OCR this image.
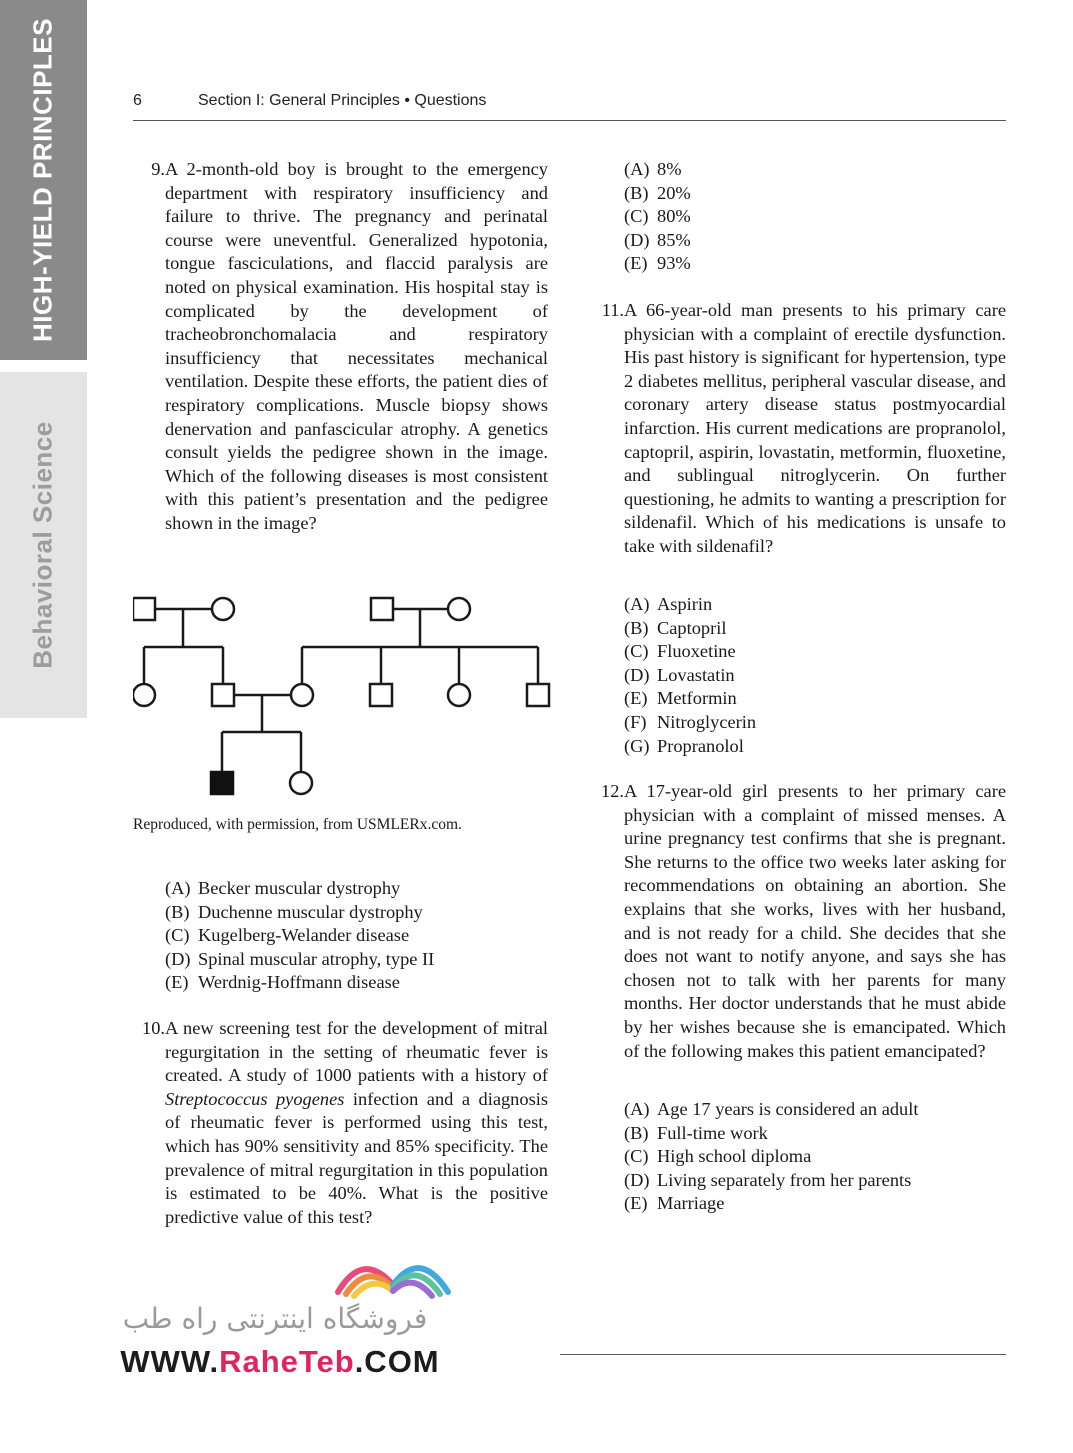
HIGH-YIELD PRINCIPLES
Behavioral Science
6	Section I: General Principles • Questions
9. A 2-month-old boy is brought to the emergency department with respiratory insufficiency and failure to thrive. The pregnancy and perinatal course were uneventful. Generalized hypotonia, tongue fasciculations, and flaccid paralysis are noted on physical examination. His hospital stay is complicated by the development of tracheobronchomalacia and respiratory insufficiency that necessitates mechanical ventilation. Despite these efforts, the patient dies of respiratory complications. Muscle biopsy shows denervation and panfascicular atrophy. A genetics consult yields the pedigree shown in the image. Which of the following diseases is most consistent with this patient’s presentation and the pedigree shown in the image?
Reproduced, with permission, from USMLERx.com.
(A) Becker muscular dystrophy
(B) Duchenne muscular dystrophy
(C) Kugelberg-Welander disease
(D) Spinal muscular atrophy, type II
(E) Werdnig-Hoffmann disease
10. A new screening test for the development of mitral regurgitation in the setting of rheumatic fever is created. A study of 1000 patients with a history of Streptococcus pyogenes infection and a diagnosis of rheumatic fever is performed using this test, which has 90% sensitivity and 85% specificity. The prevalence of mitral regurgitation in this population is estimated to be 40%. What is the positive predictive value of this test?
(A) 8%
(B) 20%
(C) 80%
(D) 85%
(E) 93%
11. A 66-year-old man presents to his primary care physician with a complaint of erectile dysfunction. His past history is significant for hypertension, type 2 diabetes mellitus, peripheral vascular disease, and coronary artery disease status postmyocardial infarction. His current medications are propranolol, captopril, aspirin, lovastatin, metformin, fluoxetine, and sublingual nitroglycerin. On further questioning, he admits to wanting a prescription for sildenafil. Which of his medications is unsafe to take with sildenafil?
(A) Aspirin
(B) Captopril
(C) Fluoxetine
(D) Lovastatin
(E) Metformin
(F) Nitroglycerin
(G) Propranolol
12. A 17-year-old girl presents to her primary care physician with a complaint of missed menses. A urine pregnancy test confirms that she is pregnant. She returns to the office two weeks later asking for recommendations on obtaining an abortion. She explains that she works, lives with her husband, and is not ready for a child. She decides that she does not want to notify anyone, and says she has chosen not to talk with her parents for many months. Her doctor understands that he must abide by her wishes because she is emancipated. Which of the following makes this patient emancipated?
(A) Age 17 years is considered an adult
(B) Full-time work
(C) High school diploma
(D) Living separately from her parents
(E) Marriage
فروشگاه اینترنتی راه طب
WWW.RaheTeb.COM
